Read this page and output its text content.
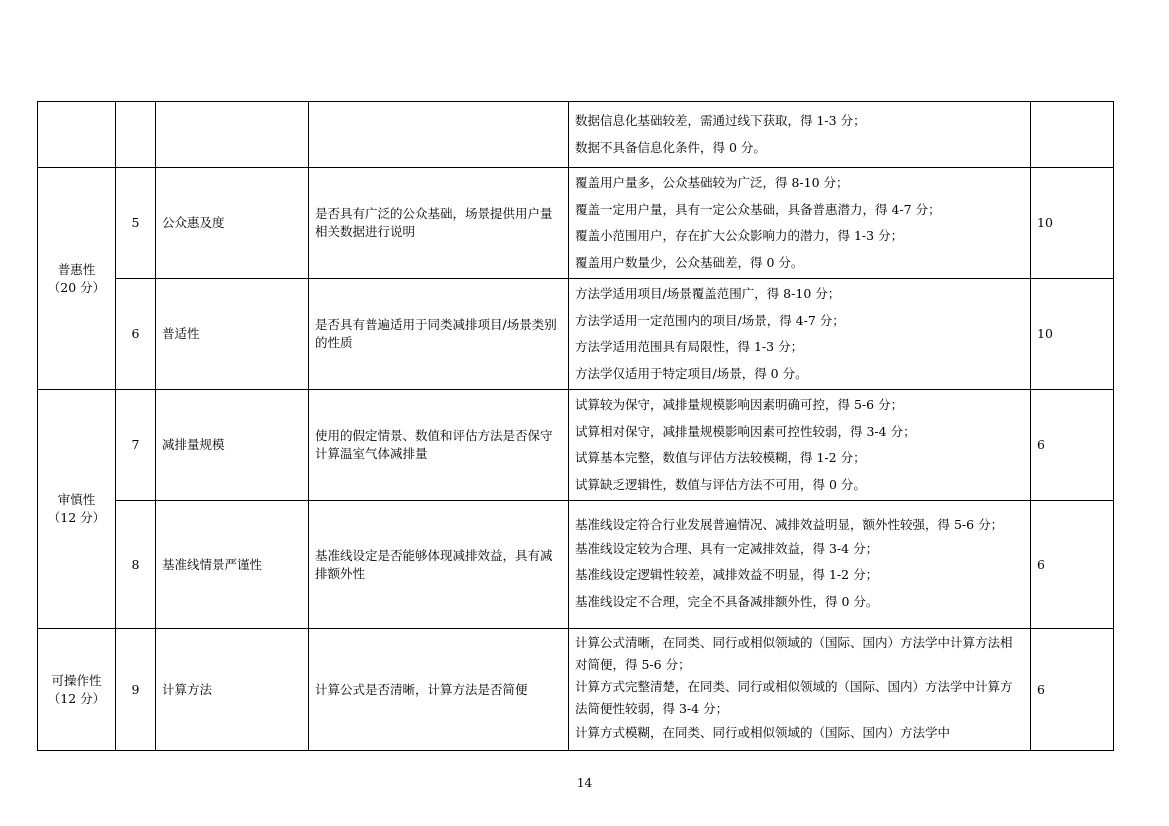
				数据信息化基础较差，需通过线下获取，得 1-3 分；
数据不具备信息化条件，得 0 分。	

普惠性
（20 分）	5	公众惠及度	是否具有广泛的公众基础，场景提供用户量相关数据进行说明	覆盖用户量多，公众基础较为广泛，得 8-10 分；
覆盖一定用户量，具有一定公众基础，具备普惠潜力，得 4-7 分；
覆盖小范围用户，存在扩大公众影响力的潜力，得 1-3 分；
覆盖用户数量少，公众基础差，得 0 分。	10
	6	普适性	是否具有普遍适用于同类减排项目/场景类别的性质	方法学适用项目/场景覆盖范围广，得 8-10 分；
方法学适用一定范围内的项目/场景，得 4-7 分；
方法学适用范围具有局限性，得 1-3 分；
方法学仅适用于特定项目/场景，得 0 分。	10

审慎性
（12 分）	7	减排量规模	使用的假定情景、数值和评估方法是否保守计算温室气体减排量	试算较为保守，减排量规模影响因素明确可控，得 5-6 分；
试算相对保守，减排量规模影响因素可控性较弱，得 3-4 分；
试算基本完整，数值与评估方法较模糊，得 1-2 分；
试算缺乏逻辑性，数值与评估方法不可用，得 0 分。	6
	8	基准线情景严谨性	基准线设定是否能够体现减排效益，具有减排额外性	基准线设定符合行业发展普遍情况、减排效益明显，额外性较强，得 5-6 分；
基准线设定较为合理、具有一定减排效益，得 3-4 分；
基准线设定逻辑性较差，减排效益不明显，得 1-2 分；
基准线设定不合理，完全不具备减排额外性，得 0 分。	6

可操作性
（12 分）	9	计算方法	计算公式是否清晰，计算方法是否简便	计算公式清晰，在同类、同行或相似领域的（国际、国内）方法学中计算方法相对简便，得 5-6 分；
计算方式完整清楚，在同类、同行或相似领域的（国际、国内）方法学中计算方法简便性较弱，得 3-4 分；
计算方式模糊，在同类、同行或相似领域的（国际、国内）方法学中	6
14
